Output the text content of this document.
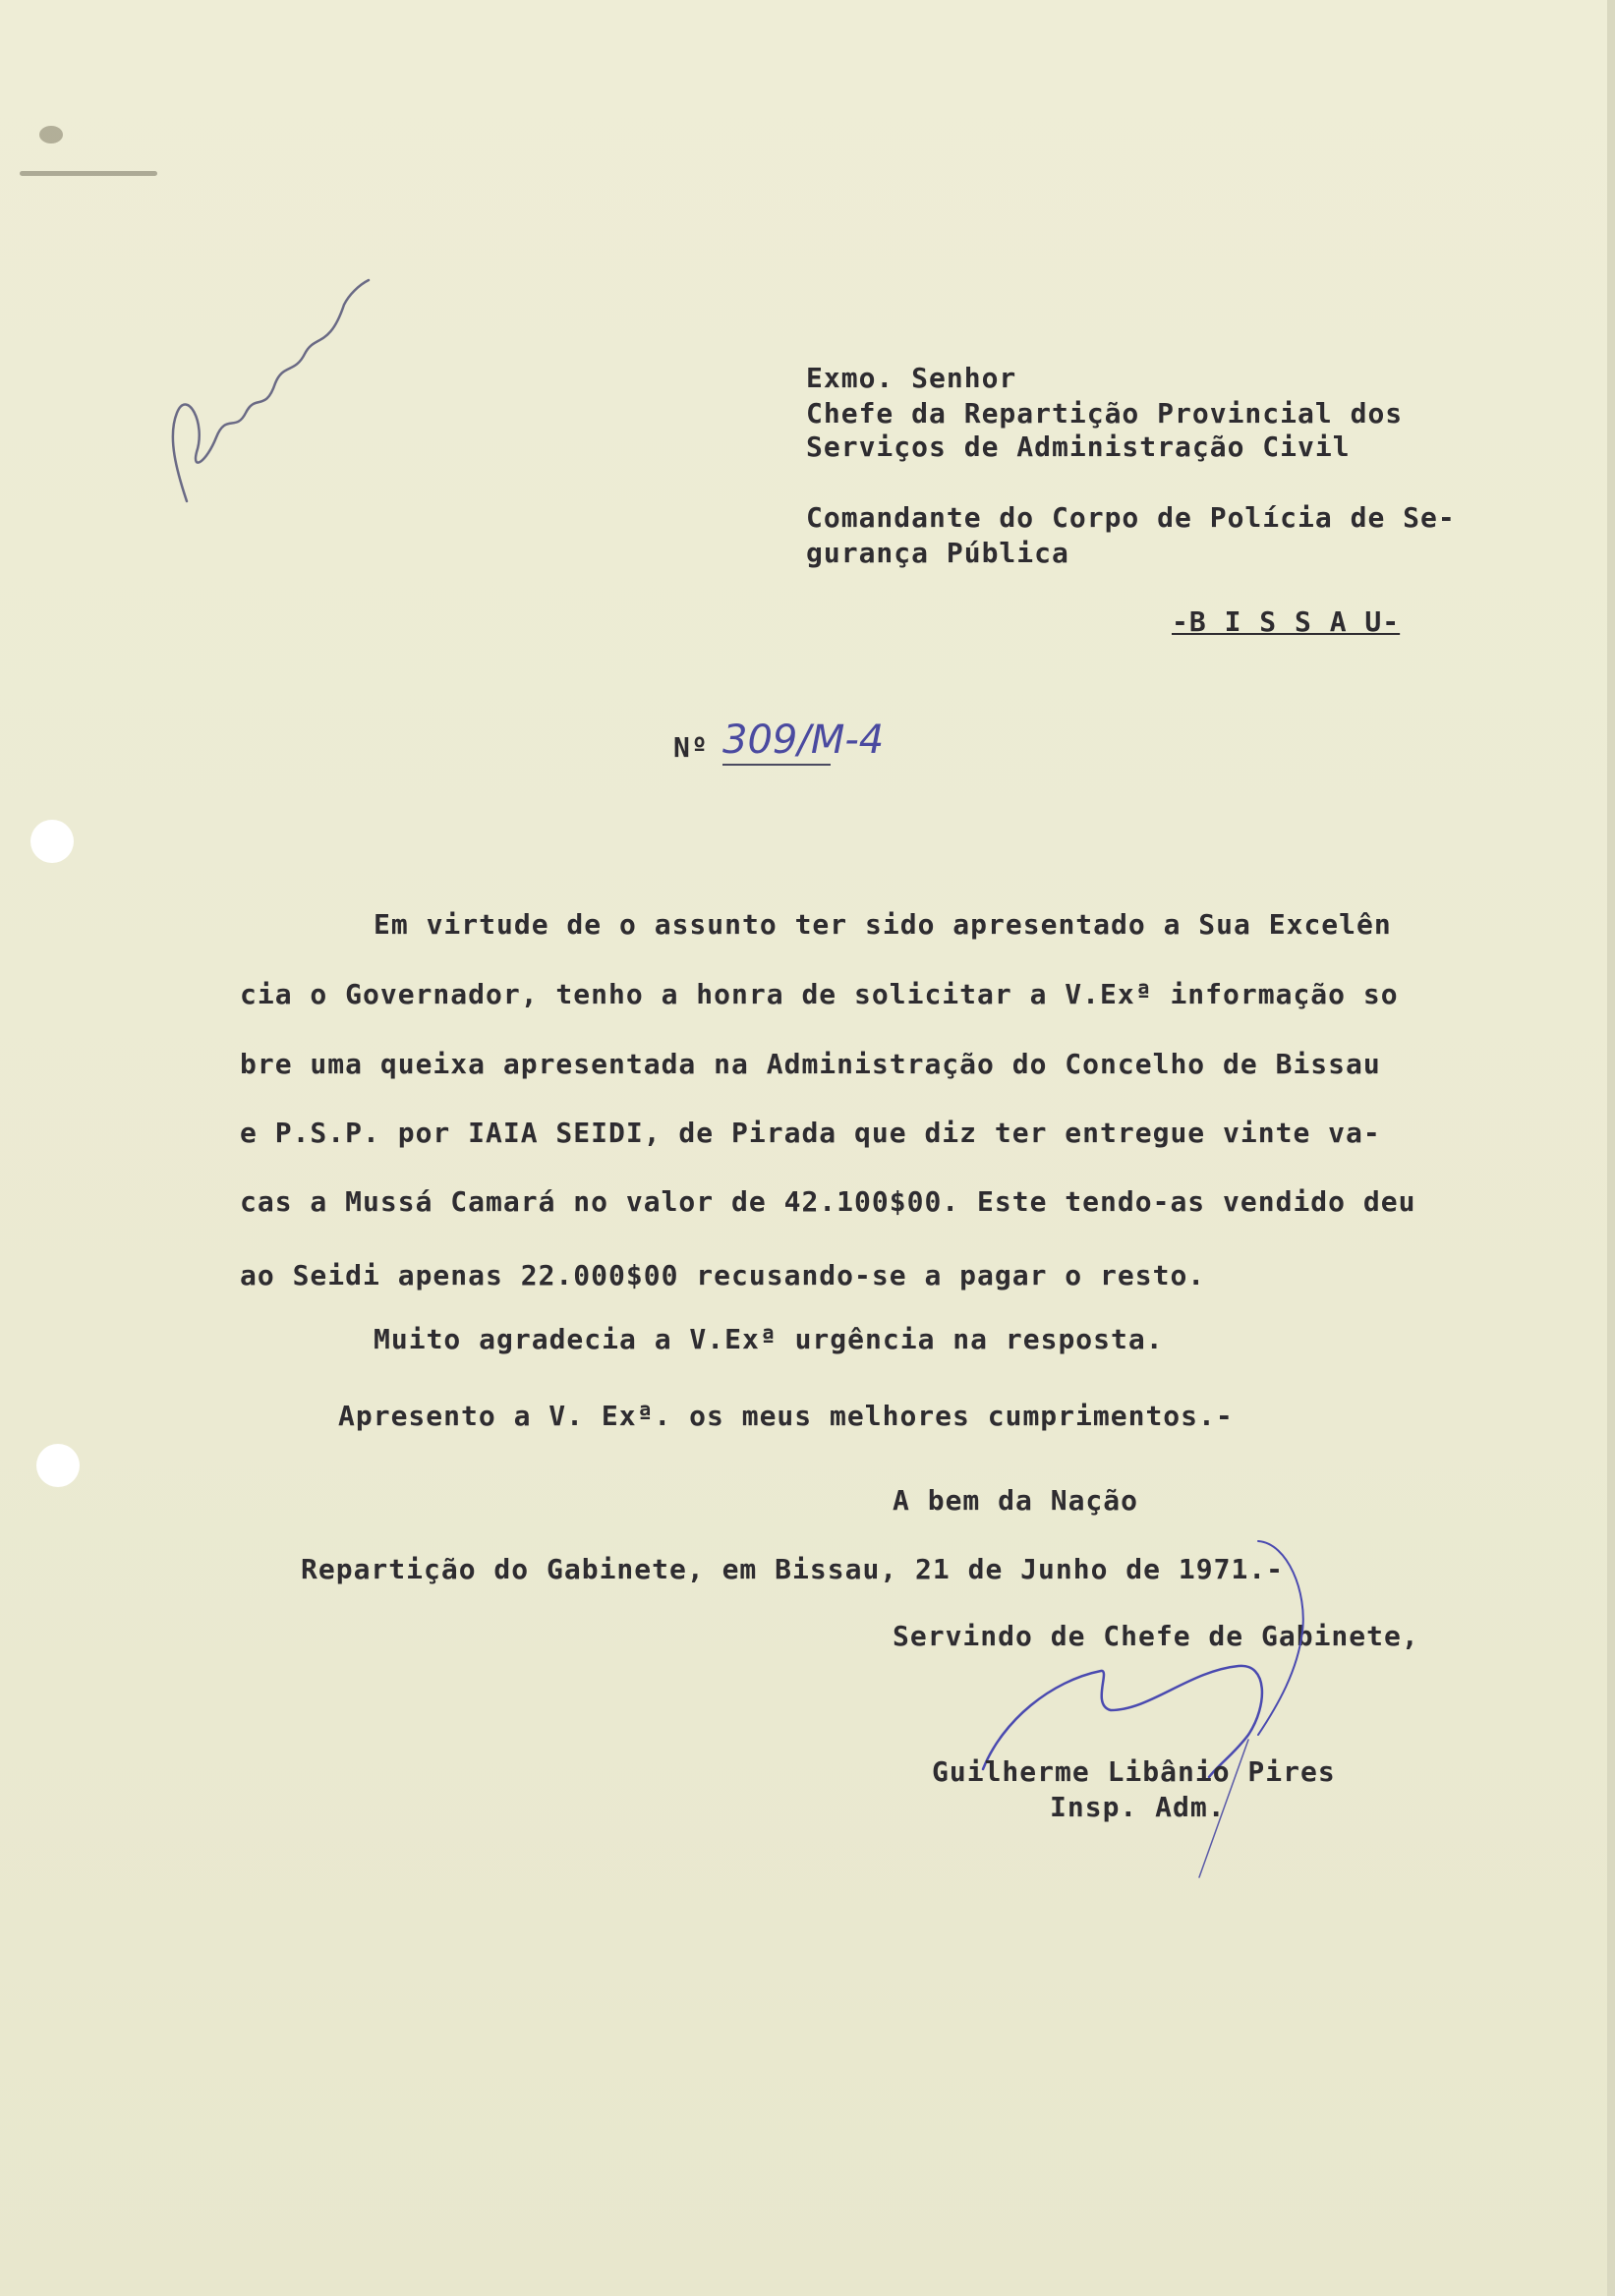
Exmo. Senhor
Chefe da Repartição Provincial dos
Serviços de Administração Civil
Comandante do Corpo de Polícia de Se-
gurança Pública
-B I S S A U-
Nº 309/M-4
Em virtude de o assunto ter sido apresentado a Sua Excelên
cia o Governador, tenho a honra de solicitar a V.Exª informação so
bre uma queixa apresentada na Administração do Concelho de Bissau
e P.S.P. por IAIA SEIDI, de Pirada que diz ter entregue vinte va-
cas a Mussá Camará no valor de 42.100$00. Este tendo-as vendido deu
ao Seidi apenas 22.000$00 recusando-se a pagar o resto.
Muito agradecia a V.Exª urgência na resposta.
Apresento a V. Exª. os meus melhores cumprimentos.-
A bem da Nação
Repartição do Gabinete, em Bissau, 21 de Junho de 1971.-
Servindo de Chefe de Gabinete,
Guilherme Libânio Pires
Insp. Adm.
